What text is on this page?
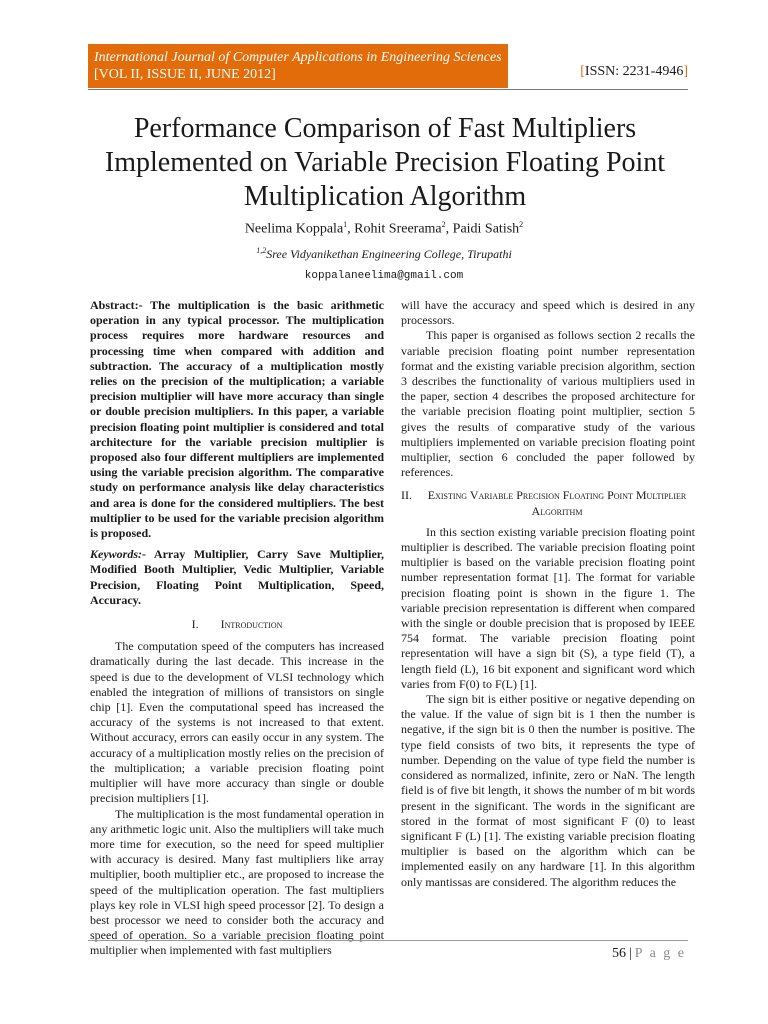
International Journal of Computer Applications in Engineering Sciences
[VOL II, ISSUE II, JUNE 2012]	[ISSN: 2231-4946]
Performance Comparison of Fast Multipliers Implemented on Variable Precision Floating Point Multiplication Algorithm
Neelima Koppala$^1$, Rohit Sreerama$^2$, Paidi Satish$^2$
$^{1,2}$Sree Vidyanikethan Engineering College, Tirupathi
koppalaneelima@gmail.com

Abstract:- The multiplication is the basic arithmetic operation in any typical processor. The multiplication process requires more hardware resources and processing time when compared with addition and subtraction. The accuracy of a multiplication mostly relies on the precision of the multiplication; a variable precision multiplier will have more accuracy than single or double precision multipliers. In this paper, a variable precision floating point multiplier is considered and total architecture for the variable precision multiplier is proposed also four different multipliers are implemented using the variable precision algorithm. The comparative study on performance analysis like delay characteristics and area is done for the considered multipliers. The best multiplier to be used for the variable precision algorithm is proposed.

Keywords:- Array Multiplier, Carry Save Multiplier, Modified Booth Multiplier, Vedic Multiplier, Variable Precision, Floating Point Multiplication, Speed, Accuracy.

I. Introduction

The computation speed of the computers has increased dramatically during the last decade. This increase in the speed is due to the development of VLSI technology which enabled the integration of millions of transistors on single chip [1]. Even the computational speed has increased the accuracy of the systems is not increased to that extent. Without accuracy, errors can easily occur in any system. The accuracy of a multiplication mostly relies on the precision of the multiplication; a variable precision floating point multiplier will have more accuracy than single or double precision multipliers [1].

The multiplication is the most fundamental operation in any arithmetic logic unit. Also the multipliers will take much more time for execution, so the need for speed multiplier with accuracy is desired. Many fast multipliers like array multiplier, booth multiplier etc., are proposed to increase the speed of the multiplication operation. The fast multipliers plays key role in VLSI high speed processor [2]. To design a best processor we need to consider both the accuracy and speed of operation. So a variable precision floating point multiplier when implemented with fast multipliers

will have the accuracy and speed which is desired in any processors.

This paper is organised as follows section 2 recalls the variable precision floating point number representation format and the existing variable precision algorithm, section 3 describes the functionality of various multipliers used in the paper, section 4 describes the proposed architecture for the variable precision floating point multiplier, section 5 gives the results of comparative study of the various multipliers implemented on variable precision floating point multiplier, section 6 concluded the paper followed by references.

II.	Existing Variable Precision Floating Point Multiplier Algorithm

In this section existing variable precision floating point multiplier is described. The variable precision floating point multiplier is based on the variable precision floating point number representation format [1]. The format for variable precision floating point is shown in the figure 1. The variable precision representation is different when compared with the single or double precision that is proposed by IEEE 754 format. The variable precision floating point representation will have a sign bit (S), a type field (T), a length field (L), 16 bit exponent and significant word which varies from F(0) to F(L) [1].

The sign bit is either positive or negative depending on the value. If the value of sign bit is 1 then the number is negative, if the sign bit is 0 then the number is positive. The type field consists of two bits, it represents the type of number. Depending on the value of type field the number is considered as normalized, infinite, zero or NaN. The length field is of five bit length, it shows the number of m bit words present in the significant. The words in the significant are stored in the format of most significant F (0) to least significant F (L) [1]. The existing variable precision floating multiplier is based on the algorithm which can be implemented easily on any hardware [1]. In this algorithm only mantissas are considered. The algorithm reduces the

56 | P a g e
